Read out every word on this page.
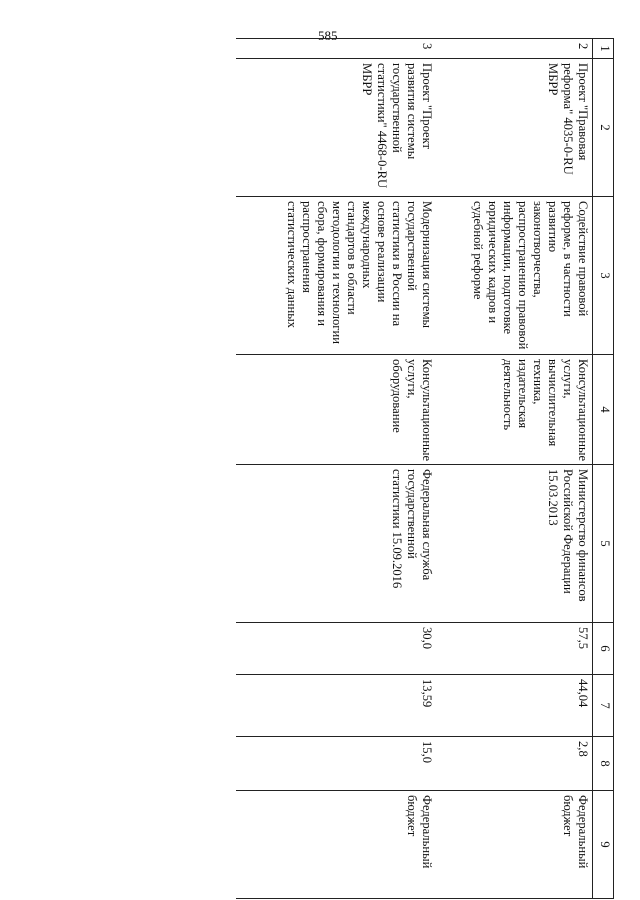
585
1	2	3	4	5	6	7	8	9
2	Проект "Правовая реформа" 4035-0-RU МБРР	Содействие правовой реформе, в частности развитию законотворчества, распространению правовой информации, подготовке юридических кадров и судебной реформе	Консультационные услуги, вычислительная техника, издательская деятельность	Министерство финансов Российской Федерации 15.03.2013	57,5	44,04	2,8	Федеральный бюджет
3	Проект "Проект развития системы государственной статистики" 4468-0-RU МБРР	Модернизация системы государственной статистики в России на основе реализации международных стандартов в области методологии и технологии сбора, формирования и распространения статистических данных	Консультационные услуги, оборудование	Федеральная служба государственной статистики 15.09.2016	30,0	13,59	15,0	Федеральный бюджет
